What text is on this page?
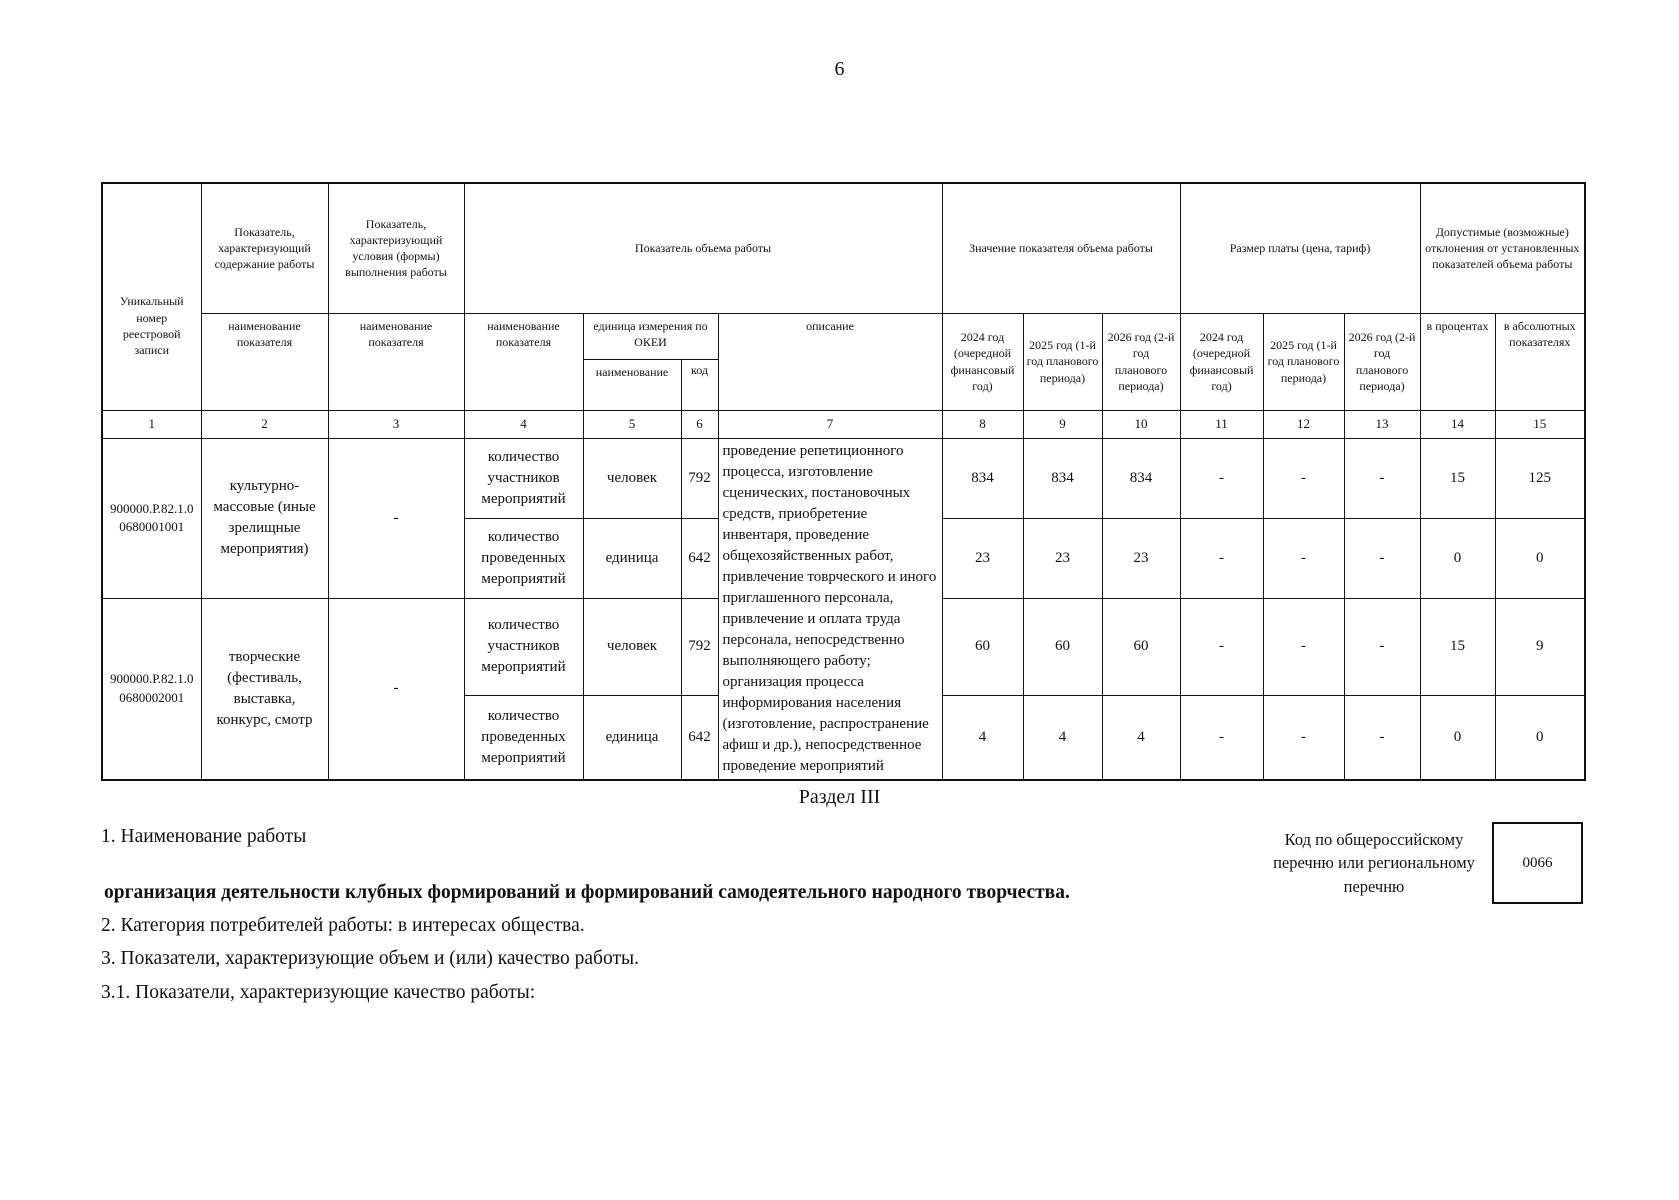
6
Уникальный номер реестровой записи	Показатель, характеризующий содержание работы	Показатель, характеризующий условия (формы) выполнения работы	Показатель объема работы				Значение показателя объема работы			Размер платы (цена, тариф)			Допустимые (возможные) отклонения от установленных показателей объема работы	
	наименование показателя	наименование показателя	наименование показателя	единица измерения по ОКЕИ		описание	2024 год (очередной финансовый год)	2025 год (1-й год планового периода)	2026 год (2-й год планового периода)	2024 год (очередной финансовый год)	2025 год (1-й год планового периода)	2026 год (2-й год планового периода)	в процентах	в абсолютных показателях
				наименование	код									
1	2	3	4	5	6	7	8	9	10	11	12	13	14	15
900000.Р.82.1.0 0680001001	культурно-массовые (иные зрелищные мероприятия)	-	количество участников мероприятий	человек	792	проведение репетиционного процесса, изготовление сценических, постановочных средств, приобретение инвентаря, проведение общехозяйственных работ, привлечение товрческого и иного приглашенного персонала, привлечение и оплата труда персонала, непосредственно выполняющего работу; организация процесса информирования населения (изготовление, распространение афиш и др.), непосредственное проведение мероприятий	834	834	834	-	-	-	15	125
			количество проведенных мероприятий	единица	642		23	23	23	-	-	-	0	0
900000.Р.82.1.0 0680002001	творческие (фестиваль, выставка, конкурс, смотр	-	количество участников мероприятий	человек	792		60	60	60	-	-	-	15	9
			количество проведенных мероприятий	единица	642		4	4	4	-	-	-	0	0
Раздел III
1. Наименование работы	Код по общероссийскому перечню или региональному перечню
0066
организация деятельности клубных формирований и формирований самодеятельного народного творчества.
2. Категория потребителей работы: в интересах общества.
3. Показатели, характеризующие объем и (или) качество работы.
3.1. Показатели, характеризующие качество работы:
